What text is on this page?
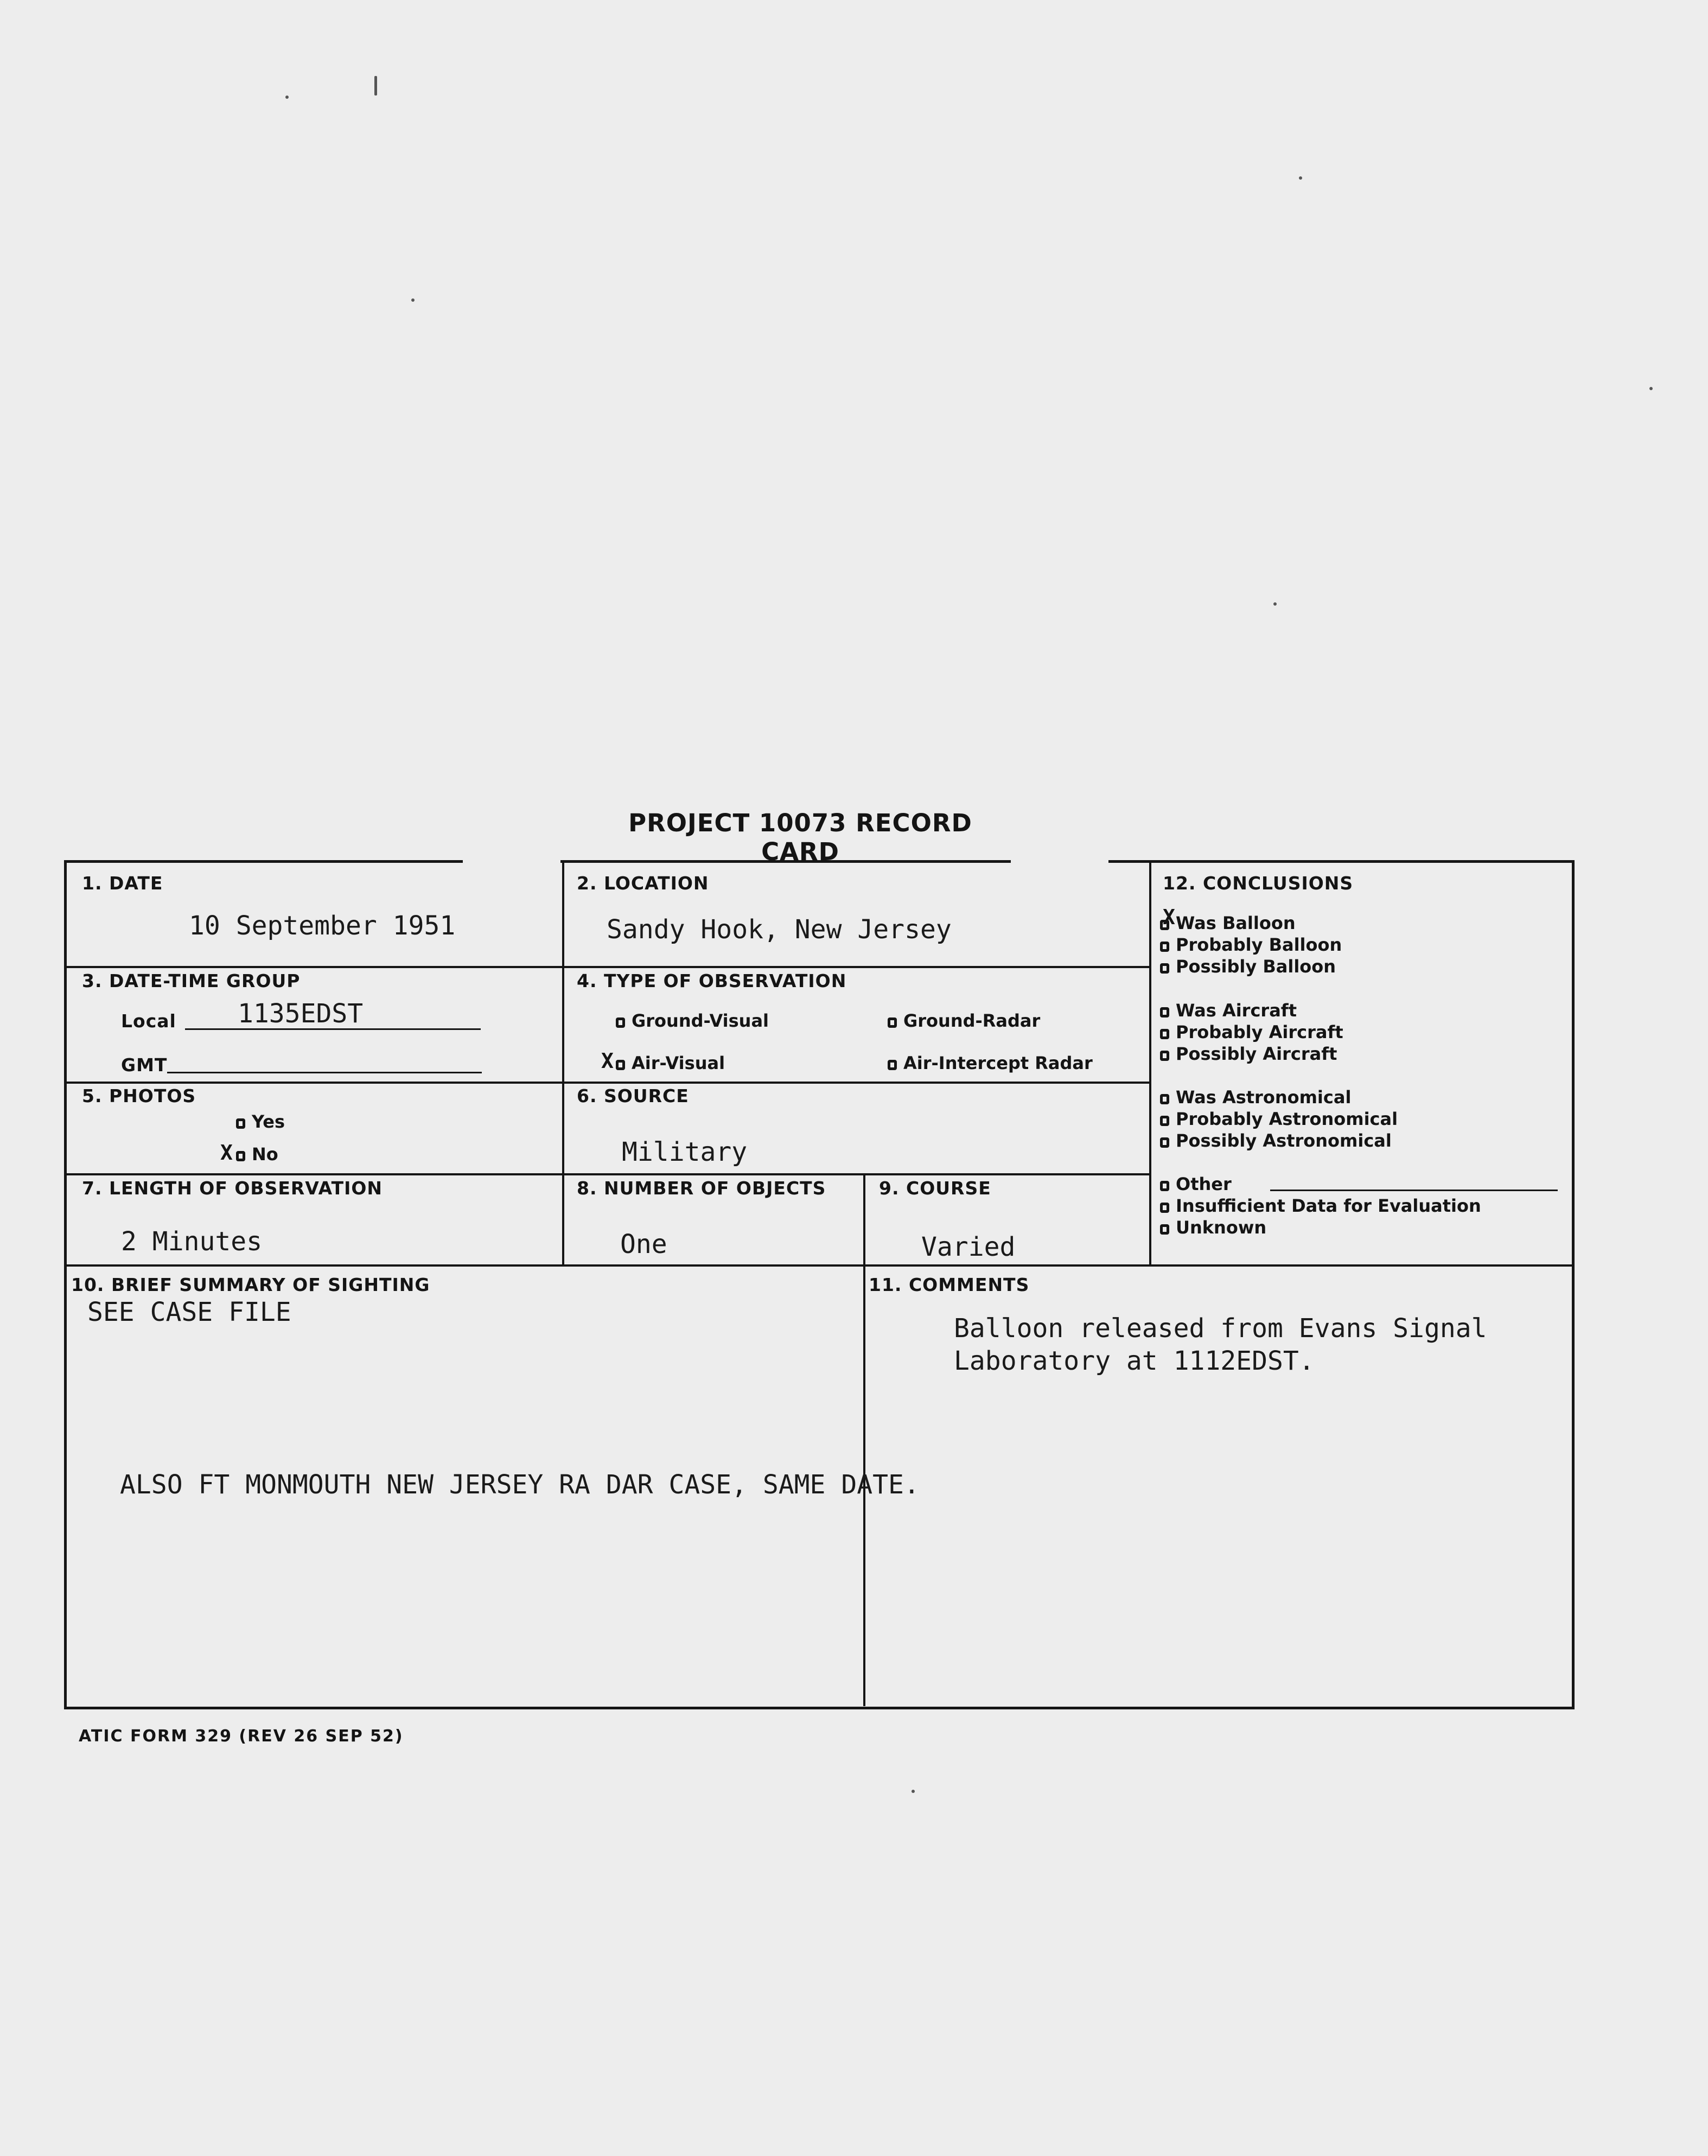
PROJECT 10073 RECORD CARD
1. DATE
10 September 1951
2. LOCATION
Sandy Hook, New Jersey
3. DATE-TIME GROUP
Local 1135EDST
GMT
4. TYPE OF OBSERVATION
Ground-Visual	Ground-Radar
X	Air-Visual	Air-Intercept Radar
5. PHOTOS
Yes
X	No
6. SOURCE
Military
7. LENGTH OF OBSERVATION
2 Minutes
8. NUMBER OF OBJECTS
One
9. COURSE
Varied
10. BRIEF SUMMARY OF SIGHTING
SEE CASE FILE
ALSO FT MONMOUTH NEW JERSEY RA DAR CASE, SAME DATE.
11. COMMENTS
Balloon released from Evans Signal
Laboratory at 1112EDST.
12. CONCLUSIONS
X Was Balloon
Probably Balloon
Possibly Balloon
Was Aircraft
Probably Aircraft
Possibly Aircraft
Was Astronomical
Probably Astronomical
Possibly Astronomical
Other
Insufficient Data for Evaluation
Unknown
ATIC FORM 329 (REV 26 SEP 52)
